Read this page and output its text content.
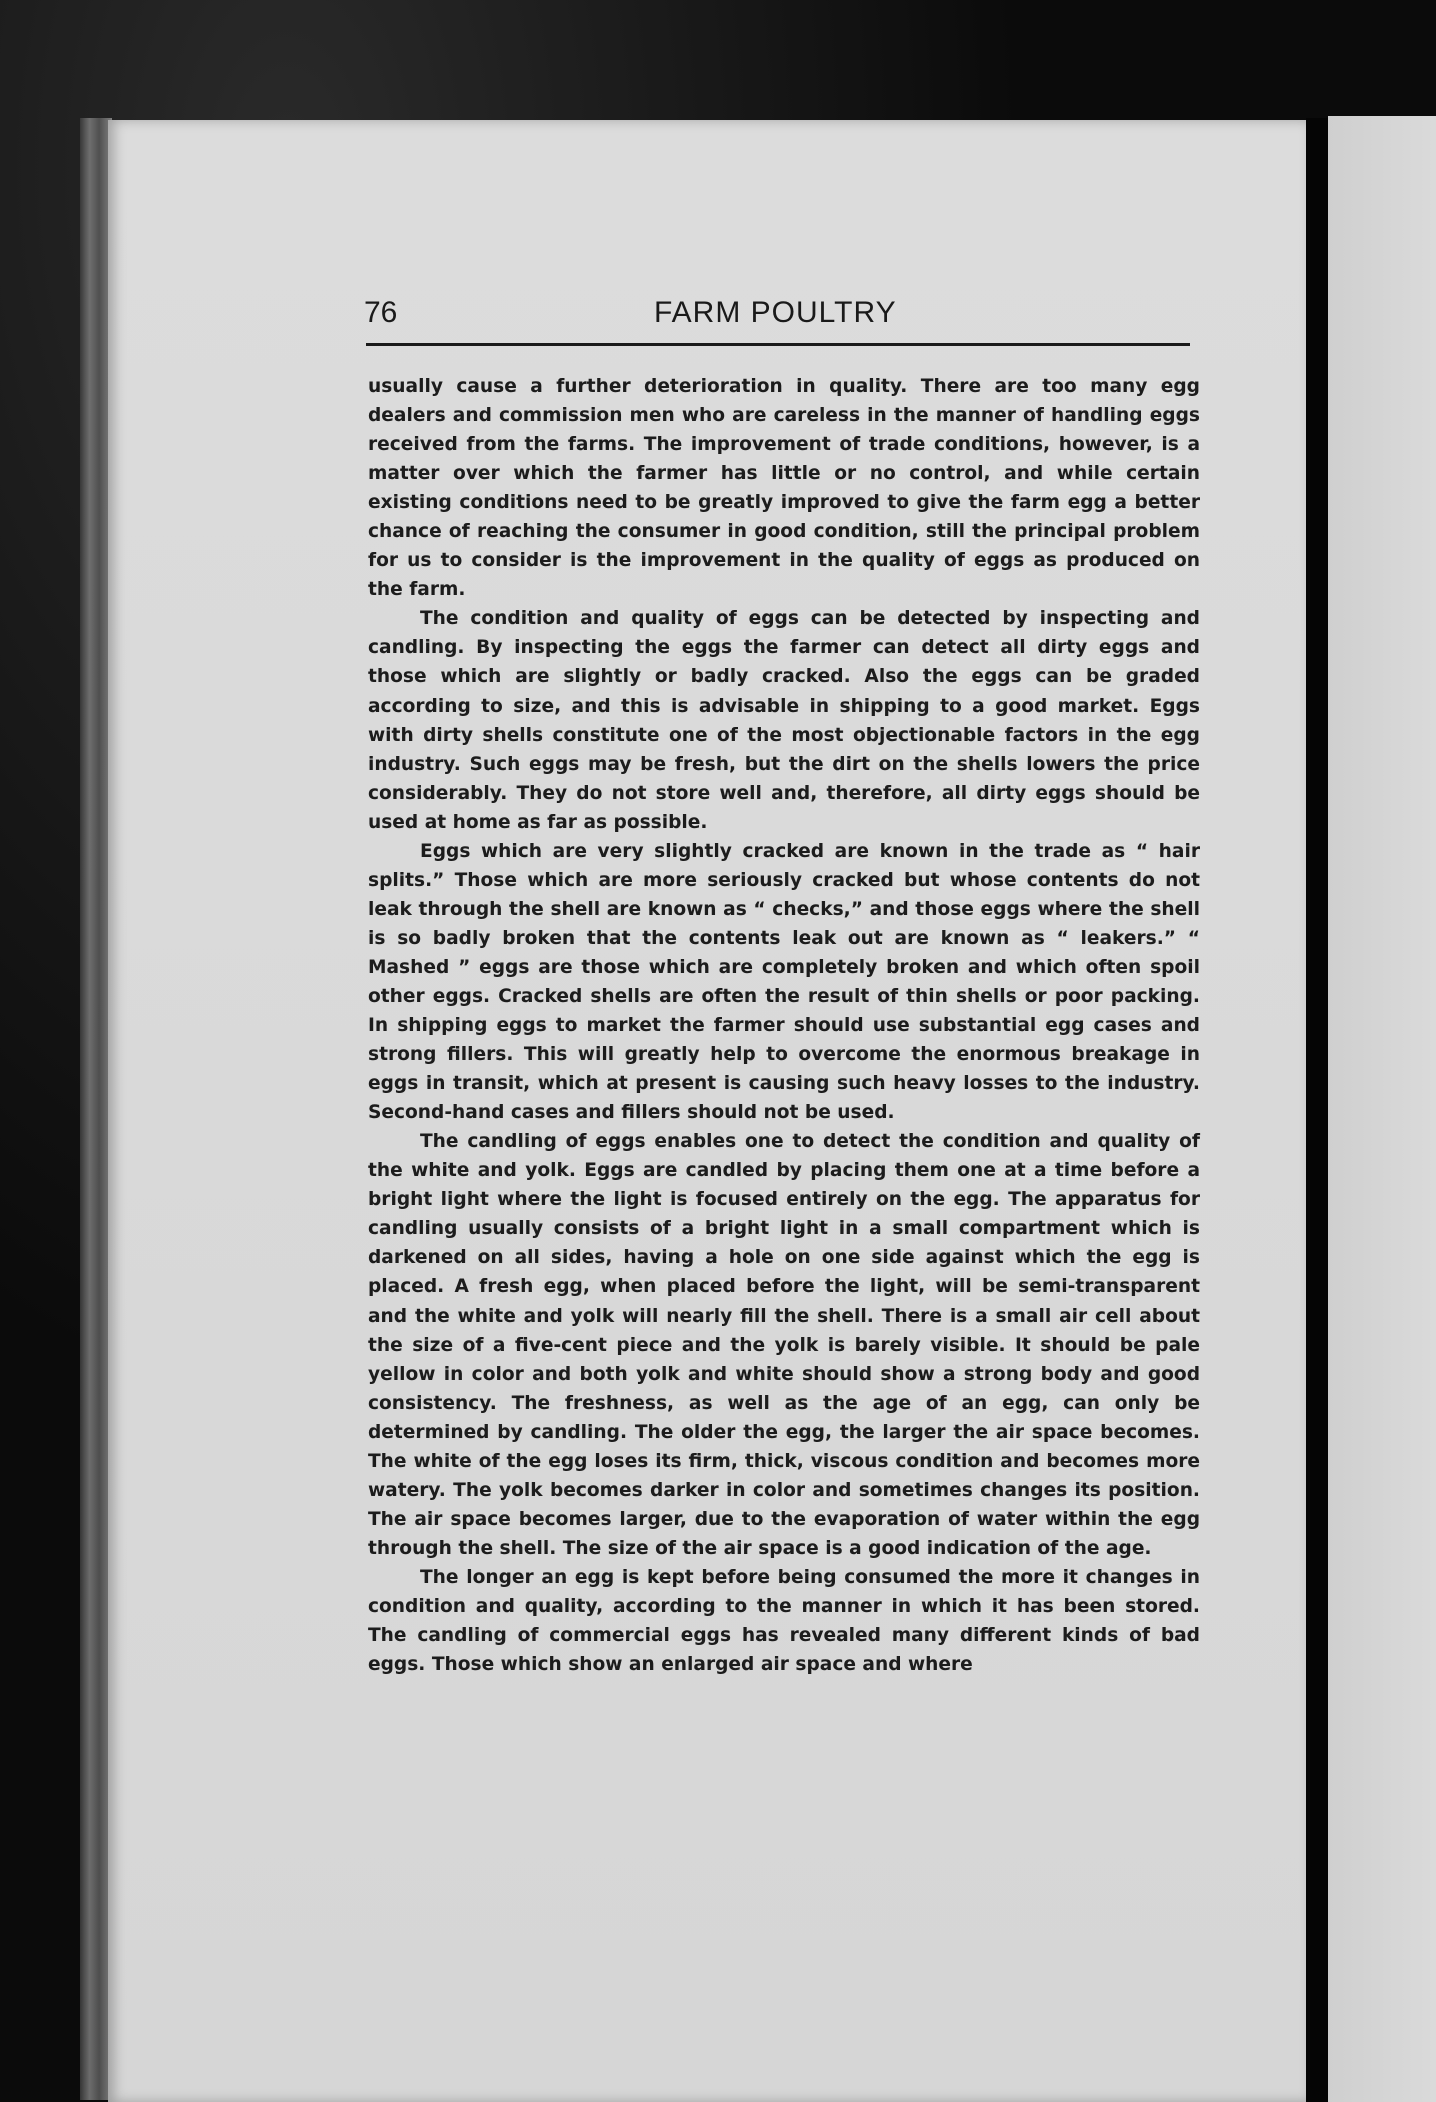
76	FARM POULTRY

usually cause a further deterioration in quality. There are too many egg dealers and commission men who are careless in the manner of handling eggs received from the farms. The improvement of trade conditions, however, is a matter over which the farmer has little or no control, and while certain existing conditions need to be greatly improved to give the farm egg a better chance of reaching the consumer in good condition, still the principal problem for us to consider is the improvement in the quality of eggs as produced on the farm.

The condition and quality of eggs can be detected by inspecting and candling. By inspecting the eggs the farmer can detect all dirty eggs and those which are slightly or badly cracked. Also the eggs can be graded according to size, and this is advisable in shipping to a good market. Eggs with dirty shells constitute one of the most objectionable factors in the egg industry. Such eggs may be fresh, but the dirt on the shells lowers the price considerably. They do not store well and, therefore, all dirty eggs should be used at home as far as possible.

Eggs which are very slightly cracked are known in the trade as “ hair splits.” Those which are more seriously cracked but whose contents do not leak through the shell are known as “ checks,” and those eggs where the shell is so badly broken that the contents leak out are known as “ leakers.” “ Mashed ” eggs are those which are completely broken and which often spoil other eggs. Cracked shells are often the result of thin shells or poor packing. In shipping eggs to market the farmer should use substantial egg cases and strong fillers. This will greatly help to overcome the enormous breakage in eggs in transit, which at present is causing such heavy losses to the industry. Second-hand cases and fillers should not be used.

The candling of eggs enables one to detect the condition and quality of the white and yolk. Eggs are candled by placing them one at a time before a bright light where the light is focused entirely on the egg. The apparatus for candling usually consists of a bright light in a small compartment which is darkened on all sides, having a hole on one side against which the egg is placed. A fresh egg, when placed before the light, will be semi-transparent and the white and yolk will nearly fill the shell. There is a small air cell about the size of a five-cent piece and the yolk is barely visible. It should be pale yellow in color and both yolk and white should show a strong body and good consistency. The freshness, as well as the age of an egg, can only be determined by candling. The older the egg, the larger the air space becomes. The white of the egg loses its firm, thick, viscous condition and becomes more watery. The yolk becomes darker in color and sometimes changes its position. The air space becomes larger, due to the evaporation of water within the egg through the shell. The size of the air space is a good indication of the age.

The longer an egg is kept before being consumed the more it changes in condition and quality, according to the manner in which it has been stored. The candling of commercial eggs has revealed many different kinds of bad eggs. Those which show an enlarged air space and where
